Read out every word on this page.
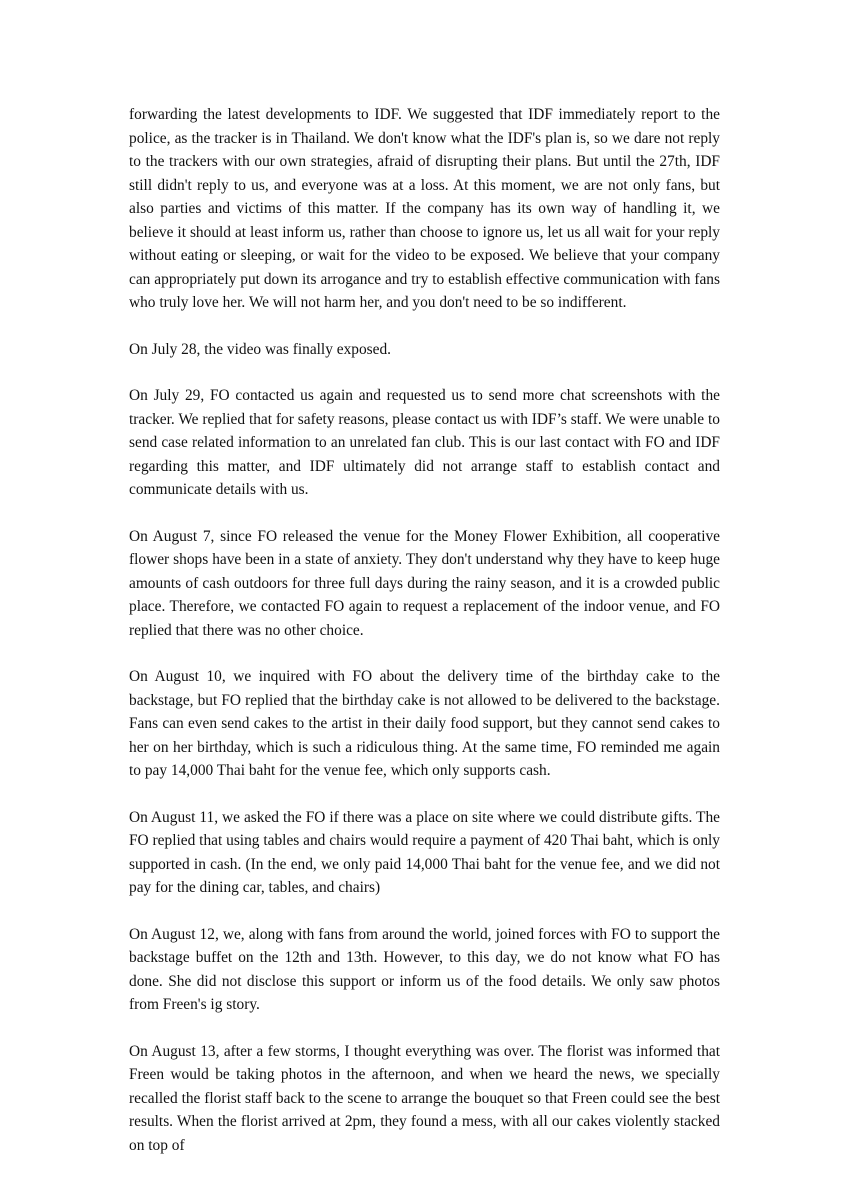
forwarding the latest developments to IDF. We suggested that IDF immediately report to the police, as the tracker is in Thailand. We don't know what the IDF's plan is, so we dare not reply to the trackers with our own strategies, afraid of disrupting their plans. But until the 27th, IDF still didn't reply to us, and everyone was at a loss. At this moment, we are not only fans, but also parties and victims of this matter. If the company has its own way of handling it, we believe it should at least inform us, rather than choose to ignore us, let us all wait for your reply without eating or sleeping, or wait for the video to be exposed. We believe that your company can appropriately put down its arrogance and try to establish effective communication with fans who truly love her. We will not harm her, and you don't need to be so indifferent.

On July 28, the video was finally exposed.

On July 29, FO contacted us again and requested us to send more chat screenshots with the tracker. We replied that for safety reasons, please contact us with IDF’s staff. We were unable to send case related information to an unrelated fan club. This is our last contact with FO and IDF regarding this matter, and IDF ultimately did not arrange staff to establish contact and communicate details with us.

On August 7, since FO released the venue for the Money Flower Exhibition, all cooperative flower shops have been in a state of anxiety. They don't understand why they have to keep huge amounts of cash outdoors for three full days during the rainy season, and it is a crowded public place. Therefore, we contacted FO again to request a replacement of the indoor venue, and FO replied that there was no other choice.

On August 10, we inquired with FO about the delivery time of the birthday cake to the backstage, but FO replied that the birthday cake is not allowed to be delivered to the backstage. Fans can even send cakes to the artist in their daily food support, but they cannot send cakes to her on her birthday, which is such a ridiculous thing. At the same time, FO reminded me again to pay 14,000 Thai baht for the venue fee, which only supports cash.

On August 11, we asked the FO if there was a place on site where we could distribute gifts. The FO replied that using tables and chairs would require a payment of 420 Thai baht, which is only supported in cash. (In the end, we only paid 14,000 Thai baht for the venue fee, and we did not pay for the dining car, tables, and chairs)

On August 12, we, along with fans from around the world, joined forces with FO to support the backstage buffet on the 12th and 13th. However, to this day, we do not know what FO has done. She did not disclose this support or inform us of the food details. We only saw photos from Freen's ig story.

On August 13, after a few storms, I thought everything was over. The florist was informed that Freen would be taking photos in the afternoon, and when we heard the news, we specially recalled the florist staff back to the scene to arrange the bouquet so that Freen could see the best results. When the florist arrived at 2pm, they found a mess, with all our cakes violently stacked on top of
